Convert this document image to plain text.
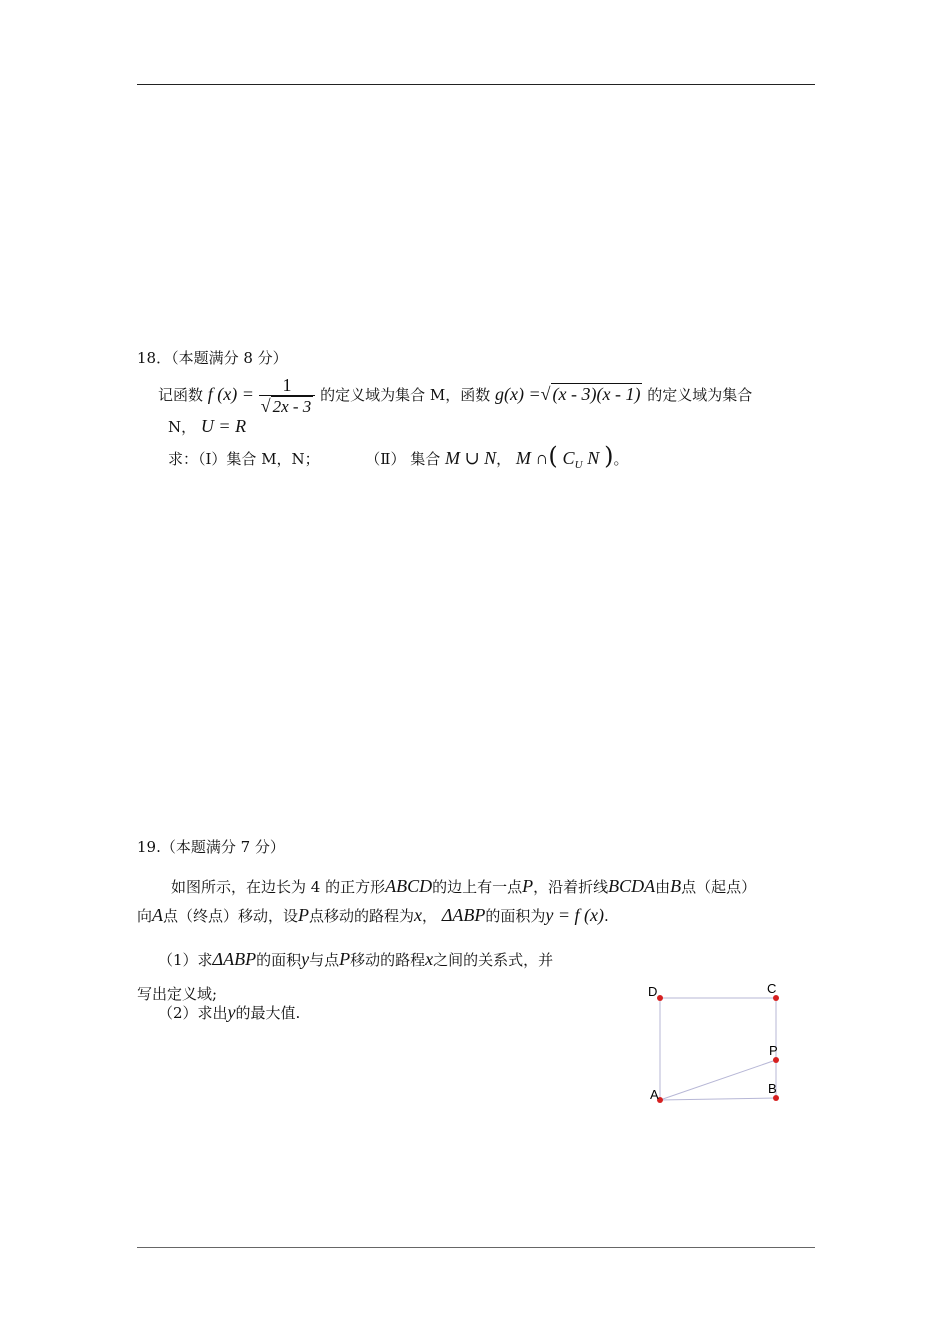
18．（本题满分 8 分）
记函数 f $(x) = \frac{1}{√ 2x - 3}$ 的定义域为集合 M，函数 g(x) =√ (x - 3)(x - 1) 的定义域为集合
N， U = R
求：（Ⅰ）集合 M，N；	（Ⅱ） 集合 M ∪ N， M ∩( $C_U$ N )。
19.（本题满分 7 分）
如图所示，在边长为 4 的正方形ABCD的边上有一点P，沿着折线BCDA由B点（起点）
向A点（终点）移动，设P点移动的路程为x， ΔABP的面积为y = f (x).
（1）求ΔABP的面积y与点P移动的路程x之间的关系式，并
写出定义域;
（2）求出y的最大值.
D	C
P
B
A
